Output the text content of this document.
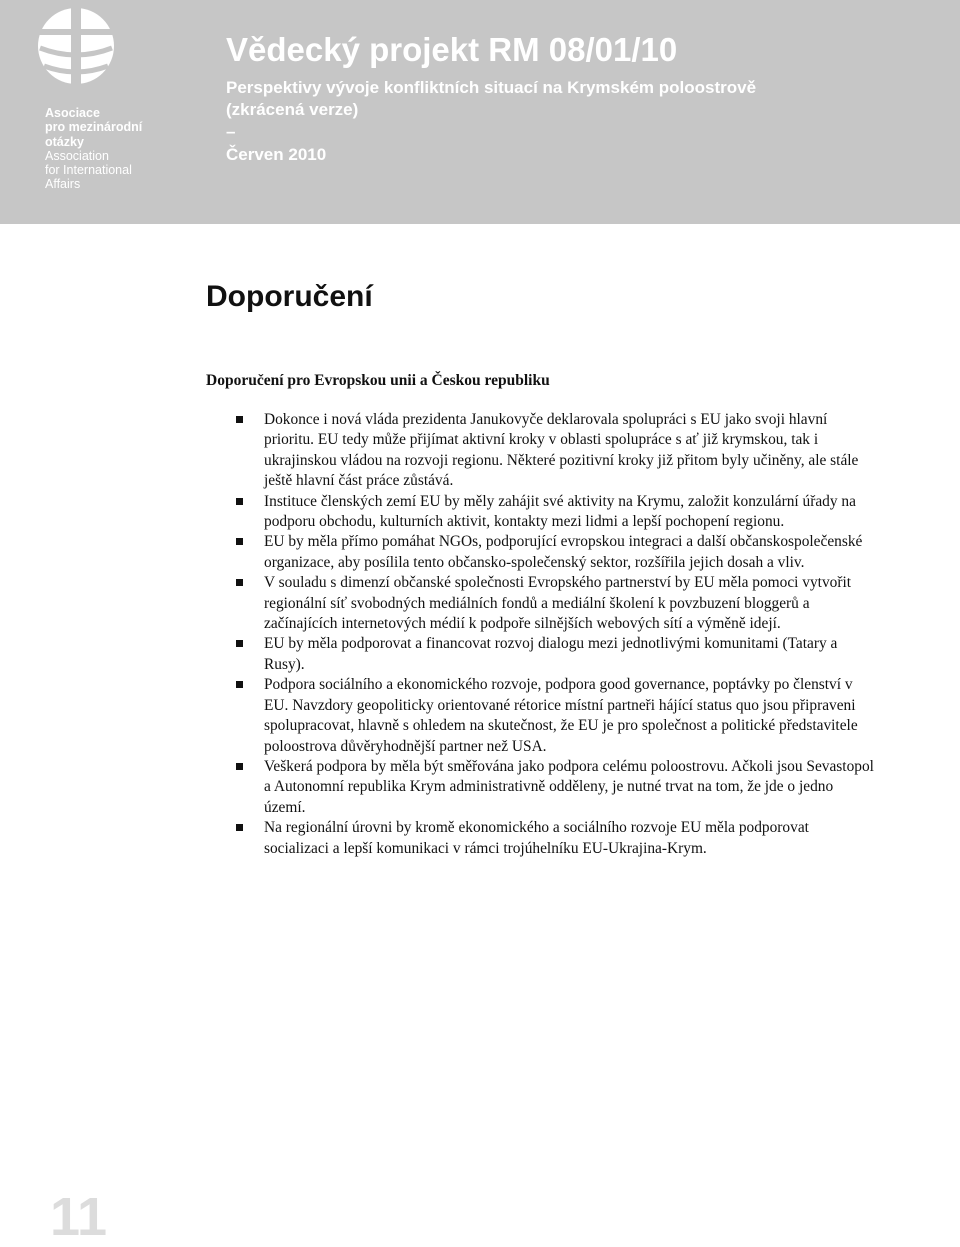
Asociace
pro mezinárodní
otázky
Association
for International
Affairs
Vědecký projekt RM 08/01/10
Perspektivy vývoje konfliktních situací na Krymském poloostrově
(zkrácená verze)
–
Červen 2010
Doporučení
Doporučení pro Evropskou unii a Českou republiku
Dokonce i nová vláda prezidenta Janukovyče deklarovala spolupráci s EU jako svoji hlavní prioritu. EU tedy může přijímat aktivní kroky v oblasti spolupráce s ať již krymskou, tak i ukrajinskou vládou na rozvoji regionu. Některé pozitivní kroky již přitom byly učiněny, ale stále ještě hlavní část práce zůstává.
Instituce členských zemí EU by měly zahájit své aktivity na Krymu, založit konzulární úřady na podporu obchodu, kulturních aktivit, kontakty mezi lidmi a lepší pochopení regionu.
EU by měla přímo pomáhat NGOs, podporující evropskou integraci a další občanskospolečenské organizace, aby posílila tento občansko-společenský sektor, rozšířila jejich dosah a vliv.
V souladu s dimenzí občanské společnosti Evropského partnerství by EU měla pomoci vytvořit regionální síť svobodných mediálních fondů a mediální školení k povzbuzení bloggerů a začínajících internetových médií k podpoře silnějších webových sítí a výměně idejí.
EU by měla podporovat a financovat rozvoj dialogu mezi jednotlivými komunitami (Tatary a Rusy).
Podpora sociálního a ekonomického rozvoje, podpora good governance, poptávky po členství v EU. Navzdory geopoliticky orientované rétorice místní partneři hájící status quo jsou připraveni spolupracovat, hlavně s ohledem na skutečnost, že EU je pro společnost a politické představitele poloostrova důvěryhodnější partner než USA.
Veškerá podpora by měla být směřována jako podpora celému poloostrovu. Ačkoli jsou Sevastopol a Autonomní republika Krym administrativně odděleny, je nutné trvat na tom, že jde o jedno území.
Na regionální úrovni by kromě ekonomického a sociálního rozvoje EU měla podporovat socializaci a lepší komunikaci v rámci trojúhelníku EU-Ukrajina-Krym.
11
